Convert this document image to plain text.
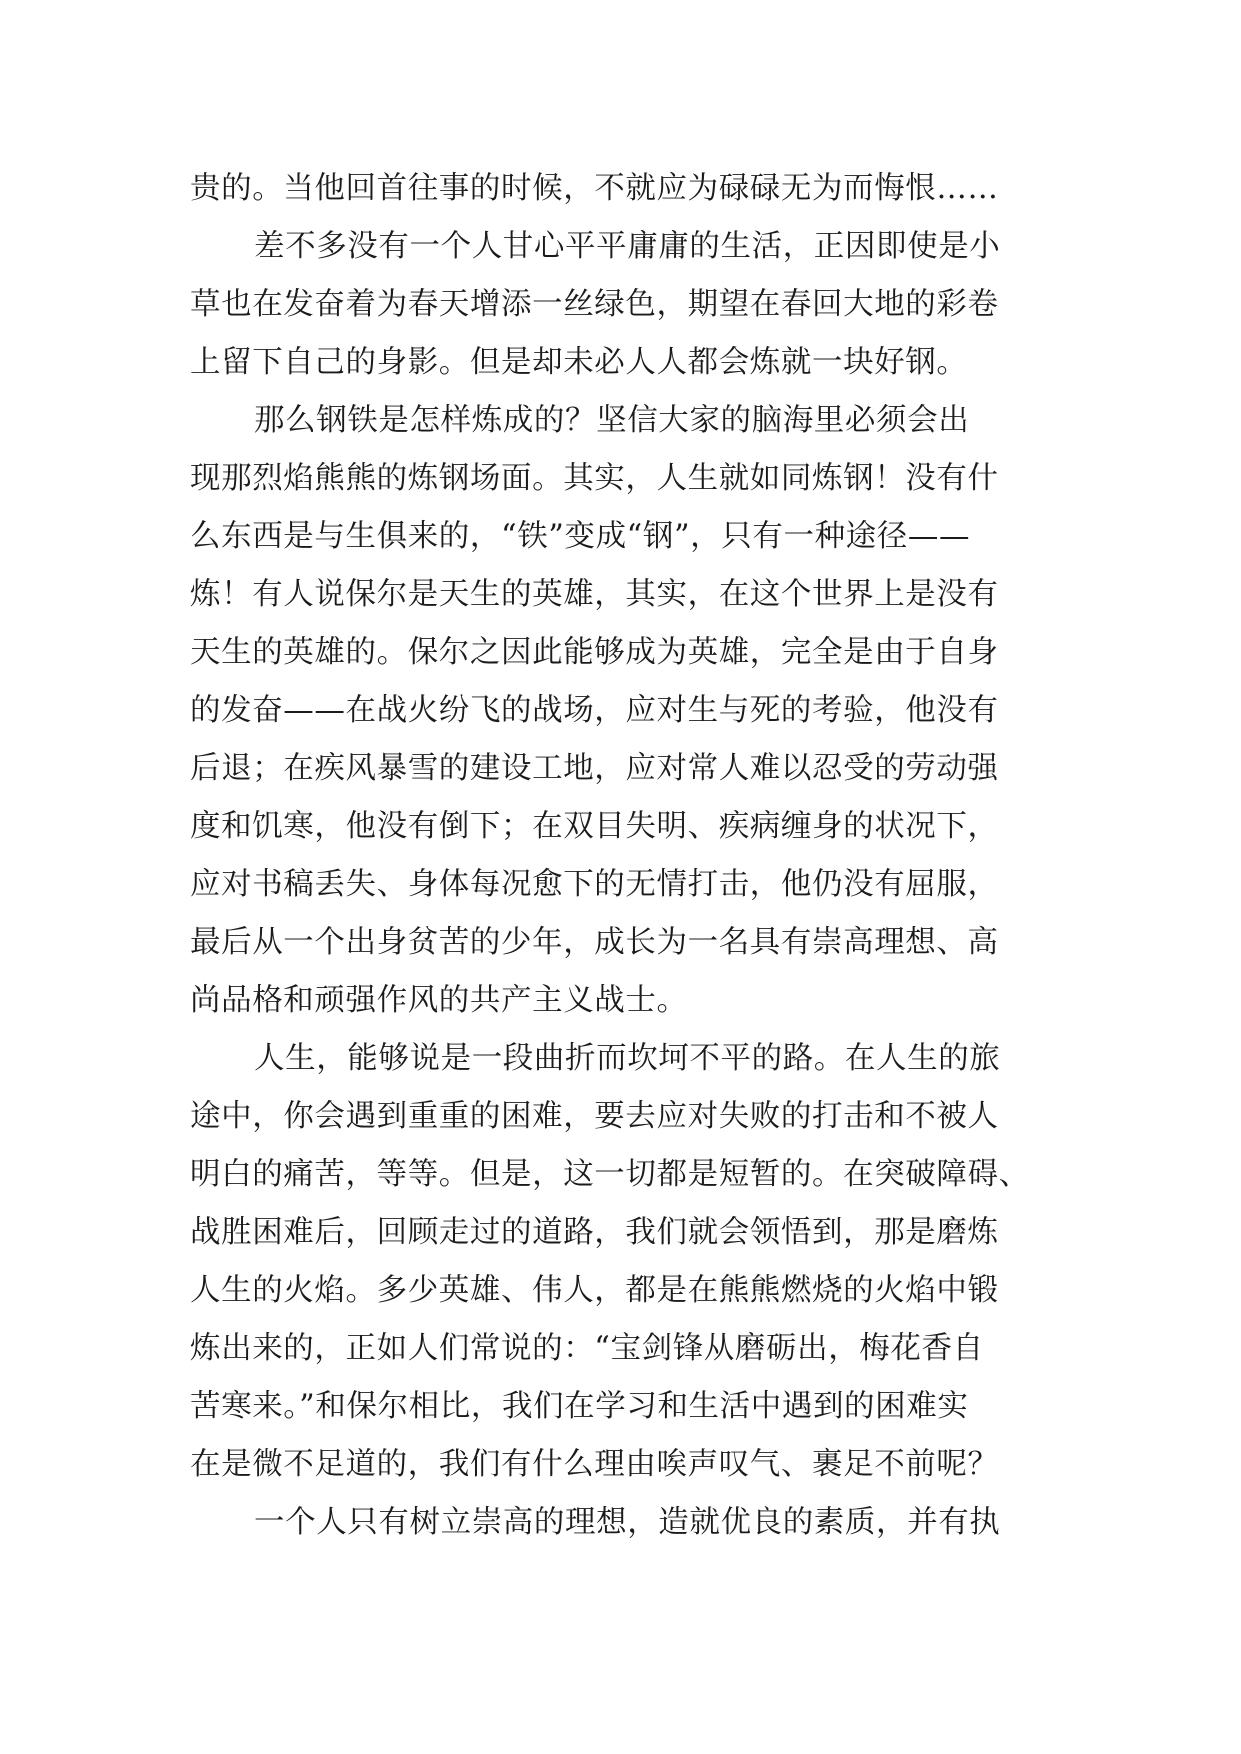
贵的。当他回首往事的时候，不就应为碌碌无为而悔恨……
差不多没有一个人甘心平平庸庸的生活，正因即使是小
草也在发奋着为春天增添一丝绿色，期望在春回大地的彩卷
上留下自己的身影。但是却未必人人都会炼就一块好钢。
那么钢铁是怎样炼成的？坚信大家的脑海里必须会出
现那烈焰熊熊的炼钢场面。其实，人生就如同炼钢！没有什
么东西是与生俱来的，“铁”变成“钢”，只有一种途径——
炼！有人说保尔是天生的英雄，其实，在这个世界上是没有
天生的英雄的。保尔之因此能够成为英雄，完全是由于自身
的发奋——在战火纷飞的战场，应对生与死的考验，他没有
后退；在疾风暴雪的建设工地，应对常人难以忍受的劳动强
度和饥寒，他没有倒下；在双目失明、疾病缠身的状况下，
应对书稿丢失、身体每况愈下的无情打击，他仍没有屈服，
最后从一个出身贫苦的少年，成长为一名具有崇高理想、高
尚品格和顽强作风的共产主义战士。
人生，能够说是一段曲折而坎坷不平的路。在人生的旅
途中，你会遇到重重的困难，要去应对失败的打击和不被人
明白的痛苦，等等。但是，这一切都是短暂的。在突破障碍、
战胜困难后，回顾走过的道路，我们就会领悟到，那是磨炼
人生的火焰。多少英雄、伟人，都是在熊熊燃烧的火焰中锻
炼出来的，正如人们常说的：“宝剑锋从磨砺出，梅花香自
苦寒来。”和保尔相比，我们在学习和生活中遇到的困难实
在是微不足道的，我们有什么理由唉声叹气、裹足不前呢？
一个人只有树立崇高的理想，造就优良的素质，并有执
